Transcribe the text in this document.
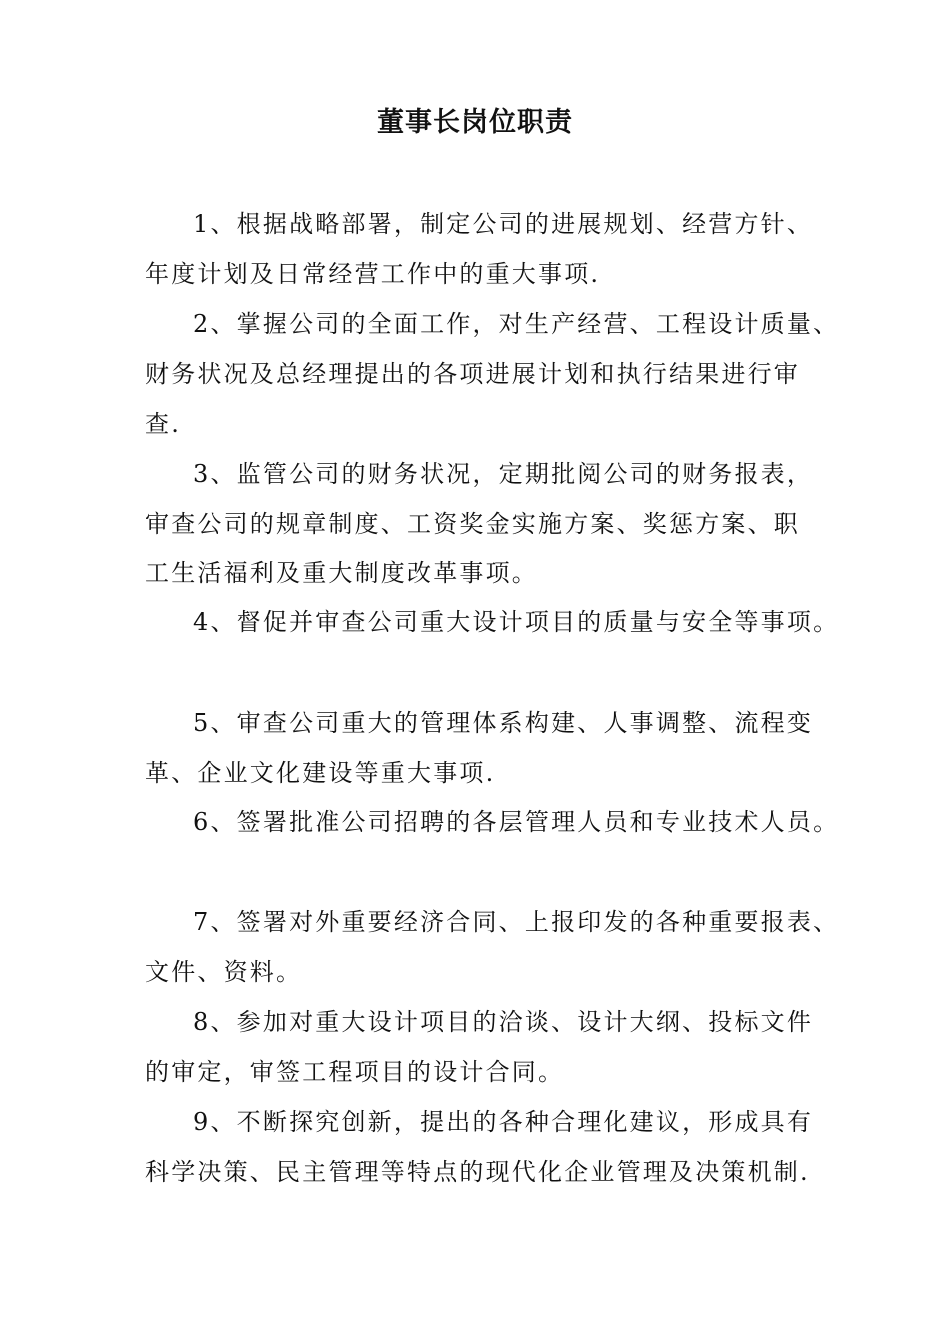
董事长岗位职责

1、根据战略部署，制定公司的进展规划、经营方针、

年度计划及日常经营工作中的重大事项.

2、掌握公司的全面工作，对生产经营、工程设计质量、

财务状况及总经理提出的各项进展计划和执行结果进行审

查.

3、监管公司的财务状况，定期批阅公司的财务报表，

审查公司的规章制度、工资奖金实施方案、奖惩方案、职

工生活福利及重大制度改革事项。

4、督促并审查公司重大设计项目的质量与安全等事项。

5、审查公司重大的管理体系构建、人事调整、流程变

革、企业文化建设等重大事项.

6、签署批准公司招聘的各层管理人员和专业技术人员。

7、签署对外重要经济合同、上报印发的各种重要报表、

文件、资料。

8、参加对重大设计项目的洽谈、设计大纲、投标文件

的审定，审签工程项目的设计合同。

9、不断探究创新，提出的各种合理化建议，形成具有

科学决策、民主管理等特点的现代化企业管理及决策机制.
